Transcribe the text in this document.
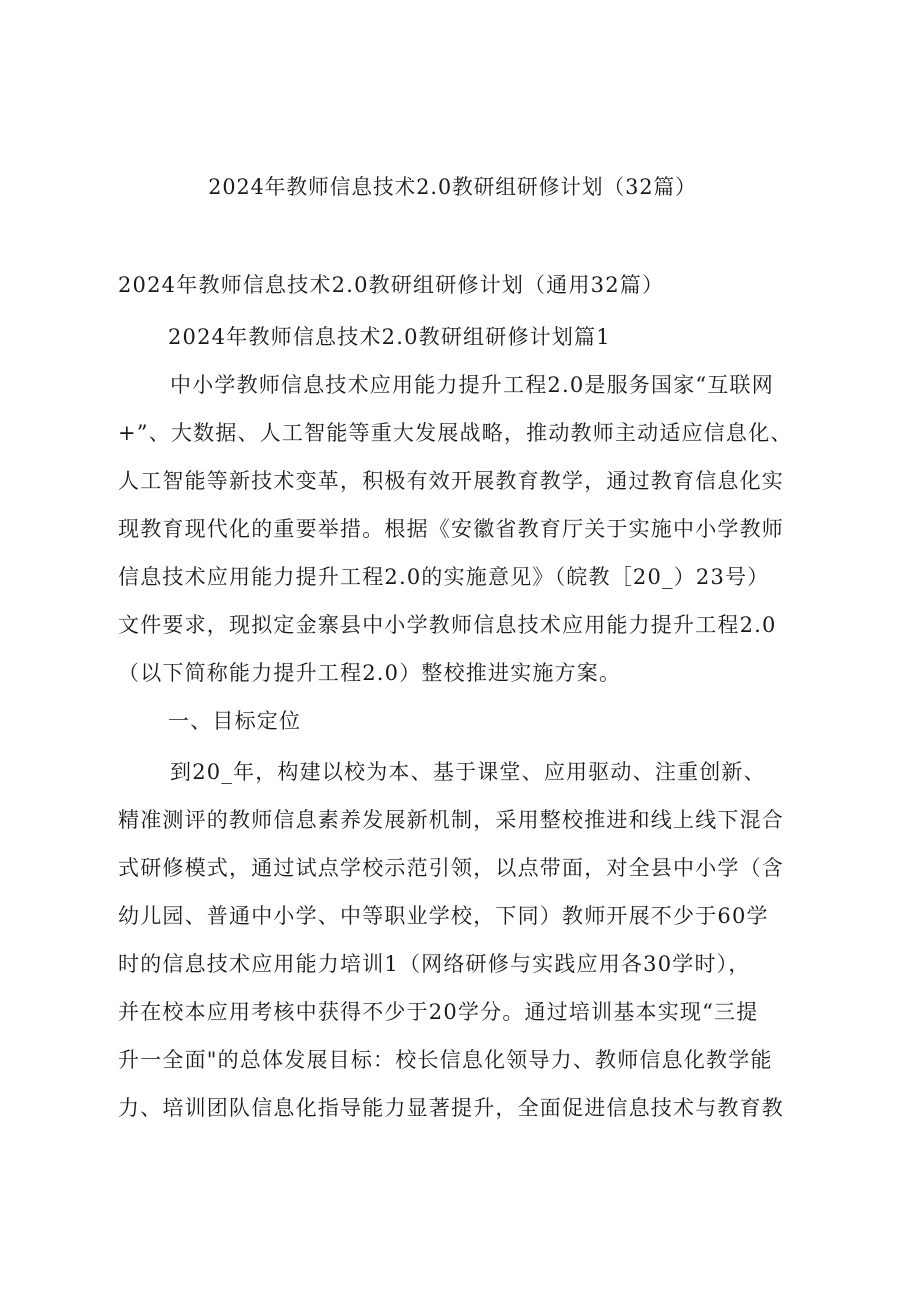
2024年教师信息技术2.0教研组研修计划（32篇）
2024年教师信息技术2.0教研组研修计划（通用32篇）
2024年教师信息技术2.0教研组研修计划篇1
中小学教师信息技术应用能力提升工程2.0是服务国家“互联网
+”、大数据、人工智能等重大发展战略，推动教师主动适应信息化、
人工智能等新技术变革，积极有效开展教育教学，通过教育信息化实
现教育现代化的重要举措。根据《安徽省教育厅关于实施中小学教师
信息技术应用能力提升工程2.0的实施意见》（皖教［20_）23号）
文件要求，现拟定金寨县中小学教师信息技术应用能力提升工程2.0
（以下简称能力提升工程2.0）整校推进实施方案。
一、目标定位
到20_年，构建以校为本、基于课堂、应用驱动、注重创新、
精准测评的教师信息素养发展新机制，采用整校推进和线上线下混合
式研修模式，通过试点学校示范引领，以点带面，对全县中小学（含
幼儿园、普通中小学、中等职业学校，下同）教师开展不少于60学
时的信息技术应用能力培训1（网络研修与实践应用各30学时），
并在校本应用考核中获得不少于20学分。通过培训基本实现“三提
升一全面"的总体发展目标：校长信息化领导力、教师信息化教学能
力、培训团队信息化指导能力显著提升，全面促进信息技术与教育教
